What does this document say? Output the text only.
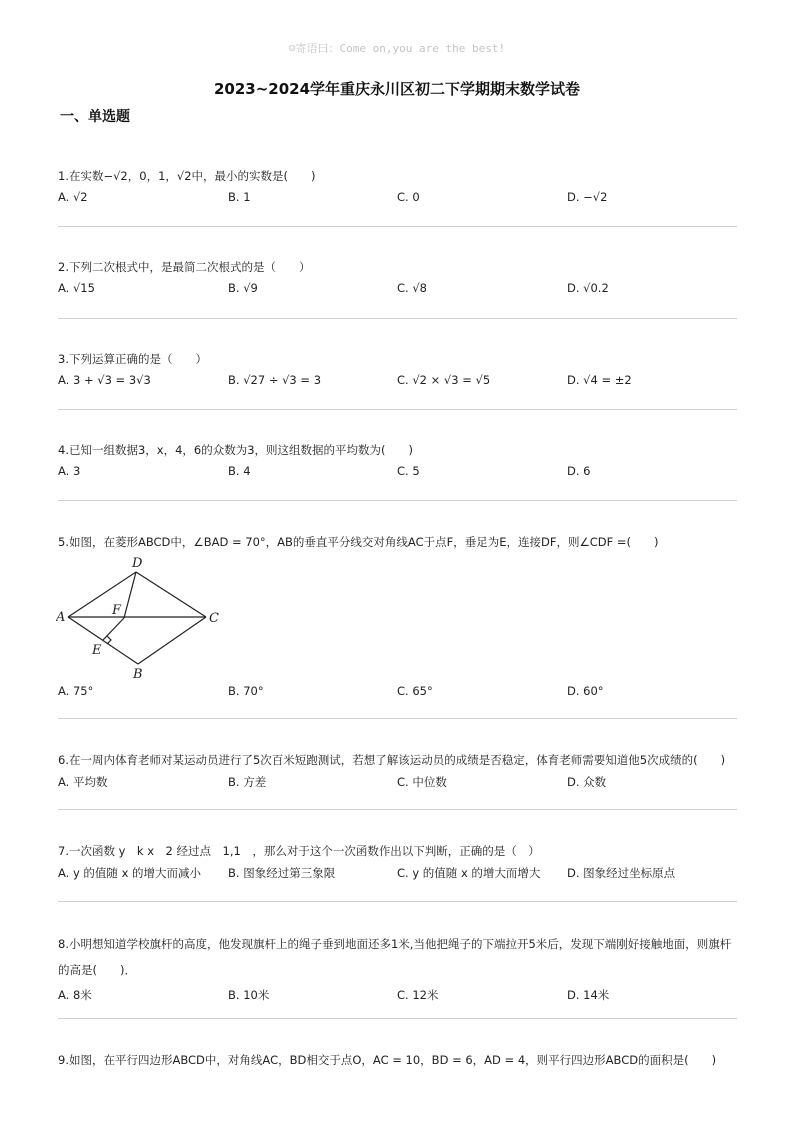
☺寄语曰：Come on,you are the best!
2023~2024学年重庆永川区初二下学期期末数学试卷
一、单选题
1.在实数−√2，0，1，√2中，最小的实数是(　　)
A. √2	B. 1	C. 0	D. −√2
2.下列二次根式中，是最简二次根式的是（　　）
A. √15	B. √9	C. √8	D. √0.2
3.下列运算正确的是（　　）
A. 3 + √3 = 3√3	B. √27 ÷ √3 = 3	C. √2 × √3 = √5	D. √4 = ±2
4.已知一组数据3，x，4，6的众数为3，则这组数据的平均数为(　　)
A. 3	B. 4	C. 5	D. 6
5.如图，在菱形ABCD中，∠BAD = 70°，AB的垂直平分线交对角线AC于点F，垂足为E，连接DF，则∠CDF =(　　)
A
D
C
B
F
E
A. 75°	B. 70°	C. 65°	D. 60°
6.在一周内体育老师对某运动员进行了5次百米短跑测试，若想了解该运动员的成绩是否稳定，体育老师需要知道他5次成绩的(　　)
A. 平均数	B. 方差	C. 中位数	D. 众数
7.一次函数 y　k x　2 经过点　1,1　，那么对于这个一次函数作出以下判断，正确的是（　）
A. y 的值随 x 的增大而减小 B. 图象经过第三象限	C. y 的值随 x 的增大而增大 D. 图象经过坐标原点
8.小明想知道学校旗杆的高度，他发现旗杆上的绳子垂到地面还多1米,当他把绳子的下端拉开5米后，发现下端刚好接触地面，则旗杆的高是(　　)．
A. 8米	B. 10米	C. 12米	D. 14米
9.如图，在平行四边形ABCD中，对角线AC，BD相交于点O，AC = 10，BD = 6，AD = 4，则平行四边形ABCD的面积是(　　)
